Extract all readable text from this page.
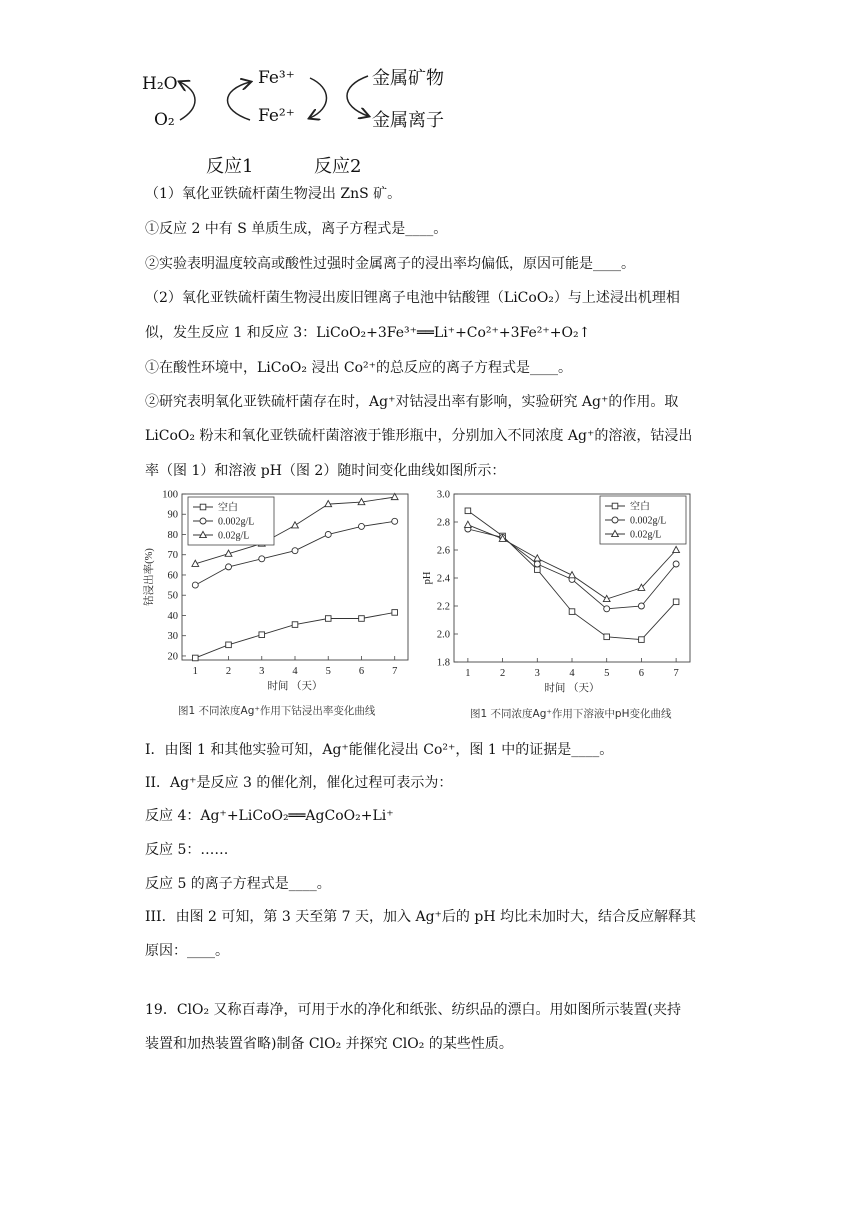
H₂O
O₂
Fe³⁺
Fe²⁺
金属矿物
金属离子
反应1	反应2
（1）氧化亚铁硫杆菌生物浸出 ZnS 矿。
①反应 2 中有 S 单质生成，离子方程式是____。
②实验表明温度较高或酸性过强时金属离子的浸出率均偏低，原因可能是____。
（2）氧化亚铁硫杆菌生物浸出废旧锂离子电池中钴酸锂（LiCoO₂）与上述浸出机理相
似，发生反应 1 和反应 3：LiCoO₂+3Fe³⁺══Li⁺+Co²⁺+3Fe²⁺+O₂↑
①在酸性环境中，LiCoO₂ 浸出 Co²⁺的总反应的离子方程式是____。
②研究表明氧化亚铁硫杆菌存在时，Ag⁺对钴浸出率有影响，实验研究 Ag⁺的作用。取
LiCoO₂ 粉末和氧化亚铁硫杆菌溶液于锥形瓶中，分别加入不同浓度 Ag⁺的溶液，钴浸出
率（图 1）和溶液 pH（图 2）随时间变化曲线如图所示：
20
30
40
50
60
70
80
90
100
1	2	3	4	5	6	7
时间 （天）
钴浸出率(%)
空白
0.002g/L
0.02g/L
图1 不同浓度Ag⁺作用下钴浸出率变化曲线
1.8
2.0
2.2
2.4
2.6
2.8
3.0
1	2	3	4	5	6	7
时间 （天）
pH
空白
0.002g/L
0.02g/L
图1 不同浓度Ag⁺作用下溶液中pH变化曲线
I．由图 1 和其他实验可知，Ag⁺能催化浸出 Co²⁺，图 1 中的证据是____。
II．Ag⁺是反应 3 的催化剂，催化过程可表示为：
反应 4：Ag⁺+LiCoO₂══AgCoO₂+Li⁺
反应 5：……
反应 5 的离子方程式是____。
III．由图 2 可知，第 3 天至第 7 天，加入 Ag⁺后的 pH 均比未加时大，结合反应解释其
原因：____。
19．ClO₂ 又称百毒净，可用于水的净化和纸张、纺织品的漂白。用如图所示装置(夹持
装置和加热装置省略)制备 ClO₂ 并探究 ClO₂ 的某些性质。
